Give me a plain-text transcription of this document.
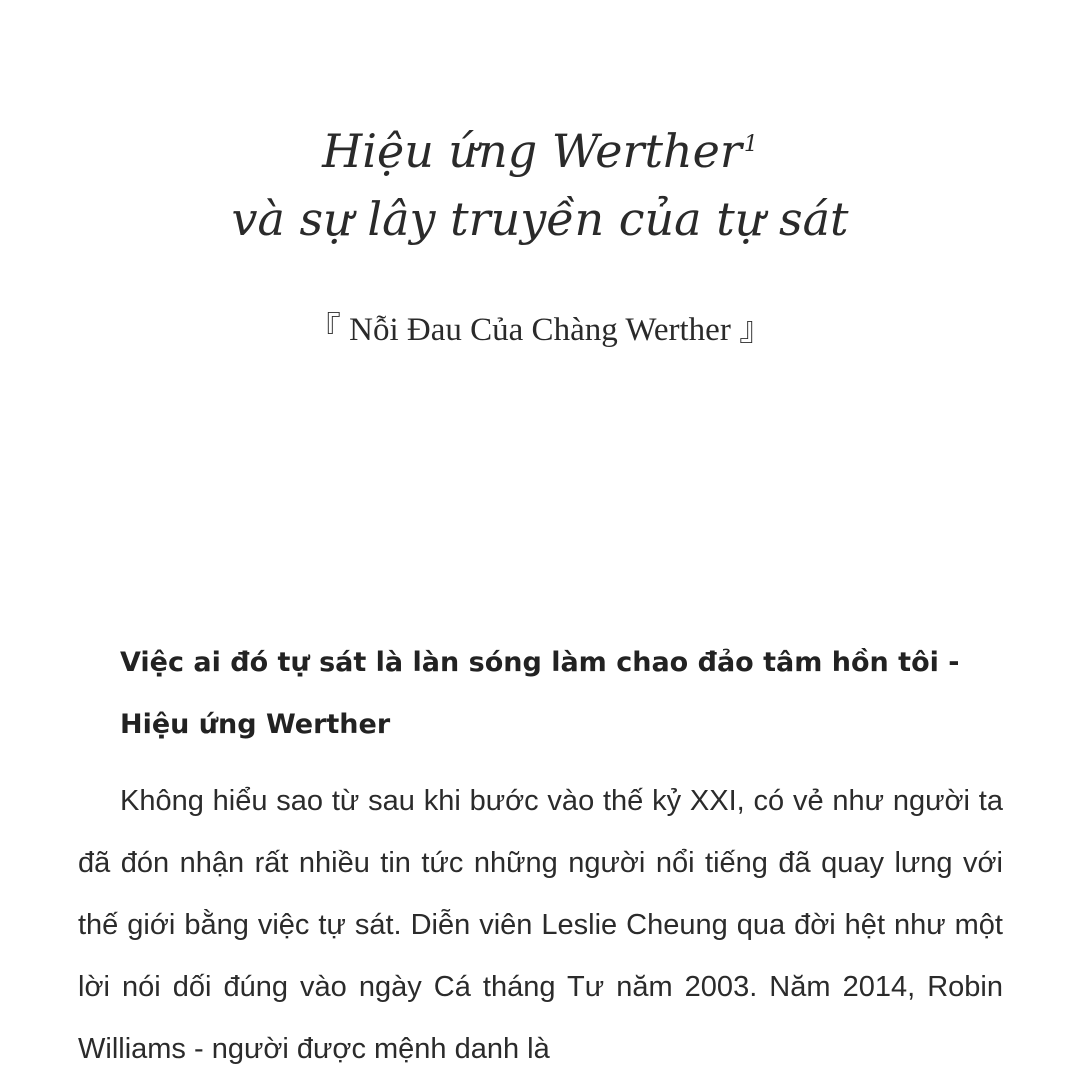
Hiệu ứng Werther$^1$
và sự lây truyền của tự sát
『 Nỗi Đau Của Chàng Werther 』
Việc ai đó tự sát là làn sóng làm chao đảo tâm hồn tôi - Hiệu ứng Werther

Không hiểu sao từ sau khi bước vào thế kỷ XXI, có vẻ như người ta đã đón nhận rất nhiều tin tức những người nổi tiếng đã quay lưng với thế giới bằng việc tự sát. Diễn viên Leslie Cheung qua đời hệt như một lời nói dối đúng vào ngày Cá tháng Tư năm 2003. Năm 2014, Robin Williams - người được mệnh danh là
